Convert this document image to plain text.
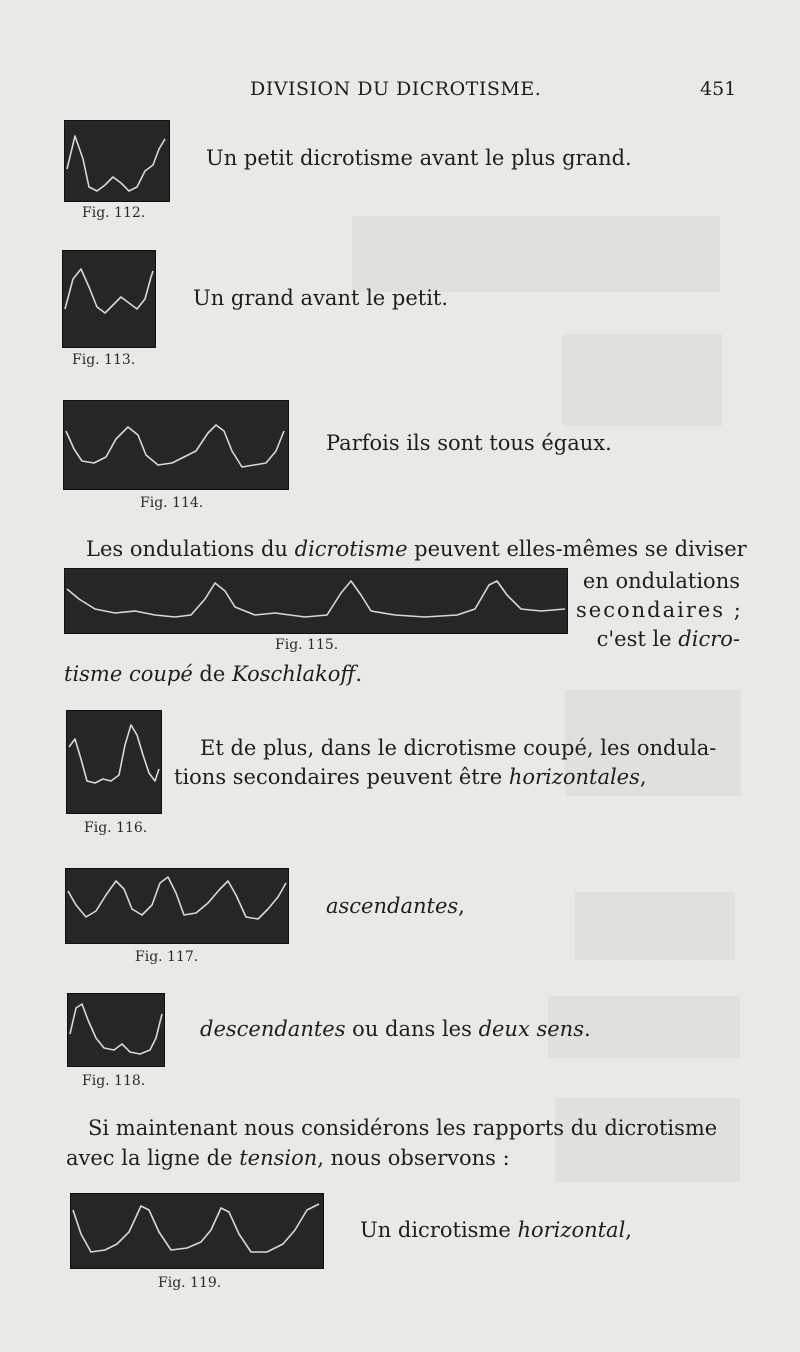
DIVISION DU DICROTISME.	451
Fig. 112.
Un petit dicrotisme avant le plus grand.
Fig. 113.
Un grand avant le petit.
Fig. 114.
Parfois ils sont tous égaux.
Les ondulations du dicrotisme peuvent elles-mêmes se diviser
Fig. 115.
en ondulations
secondaires ;
c'est le dicro-
tisme coupé de Koschlakoff.
Fig. 116.
Et de plus, dans le dicrotisme coupé, les ondula-
tions secondaires peuvent être horizontales,
Fig. 117.
ascendantes,
Fig. 118.
descendantes ou dans les deux sens.
Si maintenant nous considérons les rapports du dicrotisme
avec la ligne de tension, nous observons :
Fig. 119.
Un dicrotisme horizontal,
